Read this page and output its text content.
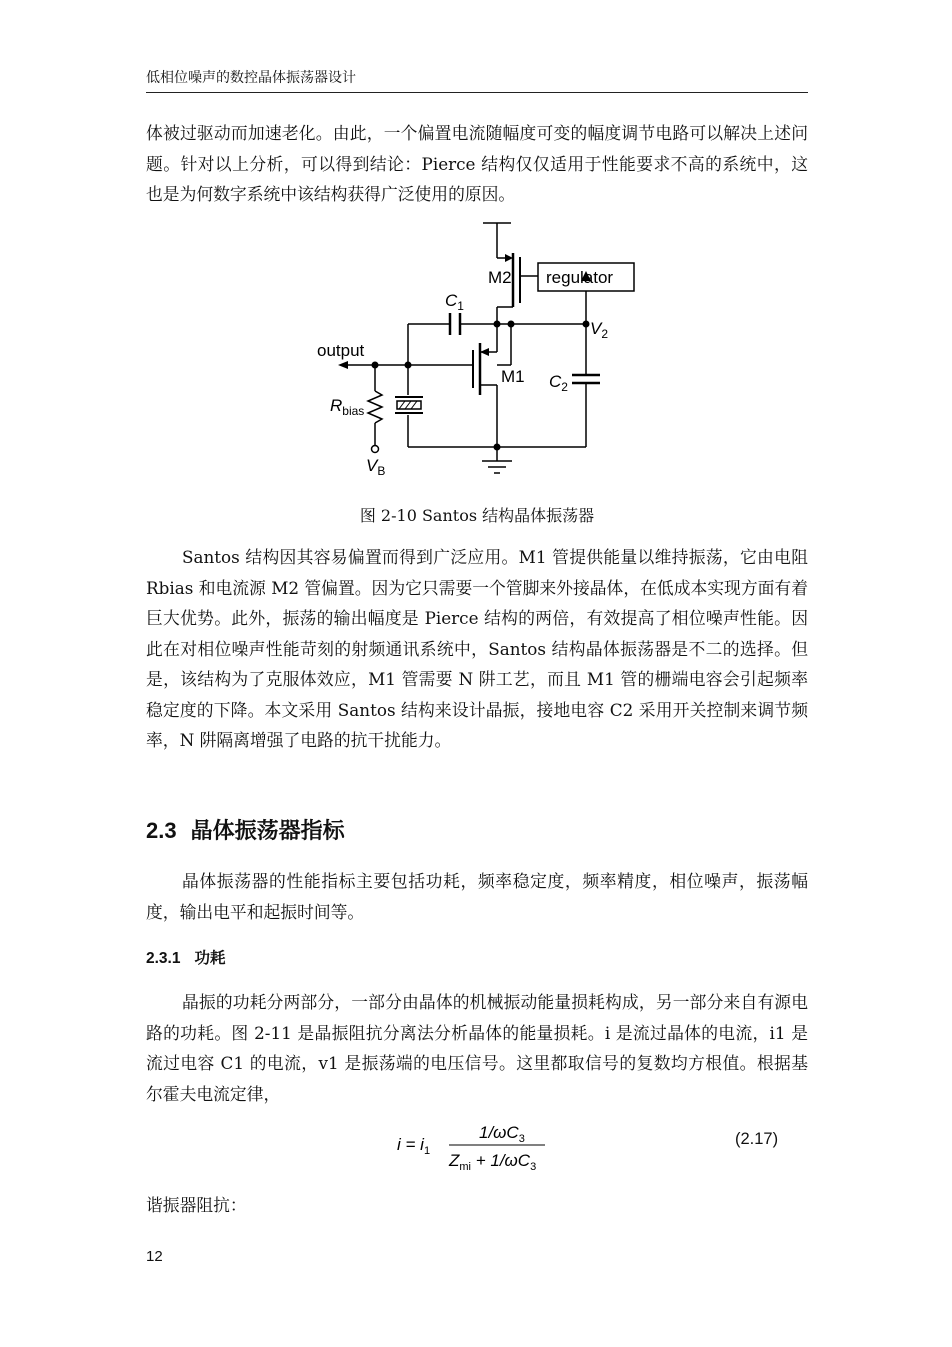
低相位噪声的数控晶体振荡器设计

体被过驱动而加速老化。由此，一个偏置电流随幅度可变的幅度调节电路可以解决上述问题。针对以上分析，可以得到结论：Pierce 结构仅仅适用于性能要求不高的系统中，这也是为何数字系统中该结构获得广泛使用的原因。

M2 regulator
$C_1$
$V_2$
output
M1 $C_2$
$R_{bias}$
$V_B$
图 2-10 Santos 结构晶体振荡器

Santos 结构因其容易偏置而得到广泛应用。M1 管提供能量以维持振荡，它由电阻 Rbias 和电流源 M2 管偏置。因为它只需要一个管脚来外接晶体，在低成本实现方面有着巨大优势。此外，振荡的输出幅度是 Pierce 结构的两倍，有效提高了相位噪声性能。因此在对相位噪声性能苛刻的射频通讯系统中，Santos 结构晶体振荡器是不二的选择。但是，该结构为了克服体效应，M1 管需要 N 阱工艺，而且 M1 管的栅端电容会引起频率稳定度的下降。本文采用 Santos 结构来设计晶振，接地电容 C2 采用开关控制来调节频率，N 阱隔离增强了电路的抗干扰能力。

2.3 晶体振荡器指标

晶体振荡器的性能指标主要包括功耗，频率稳定度，频率精度，相位噪声，振荡幅度，输出电平和起振时间等。

2.3.1 功耗

晶振的功耗分两部分，一部分由晶体的机械振动能量损耗构成，另一部分来自有源电路的功耗。图 2-11 是晶振阻抗分离法分析晶体的能量损耗。i 是流过晶体的电流，i1 是流过电容 C1 的电流，v1 是振荡端的电压信号。这里都取信号的复数均方根值。根据基尔霍夫电流定律，

$i = i_1$
$1/\omega C_3$
$Z_{mi} + 1/\omega C_3$
(2.17)

谐振器阻抗：

12
